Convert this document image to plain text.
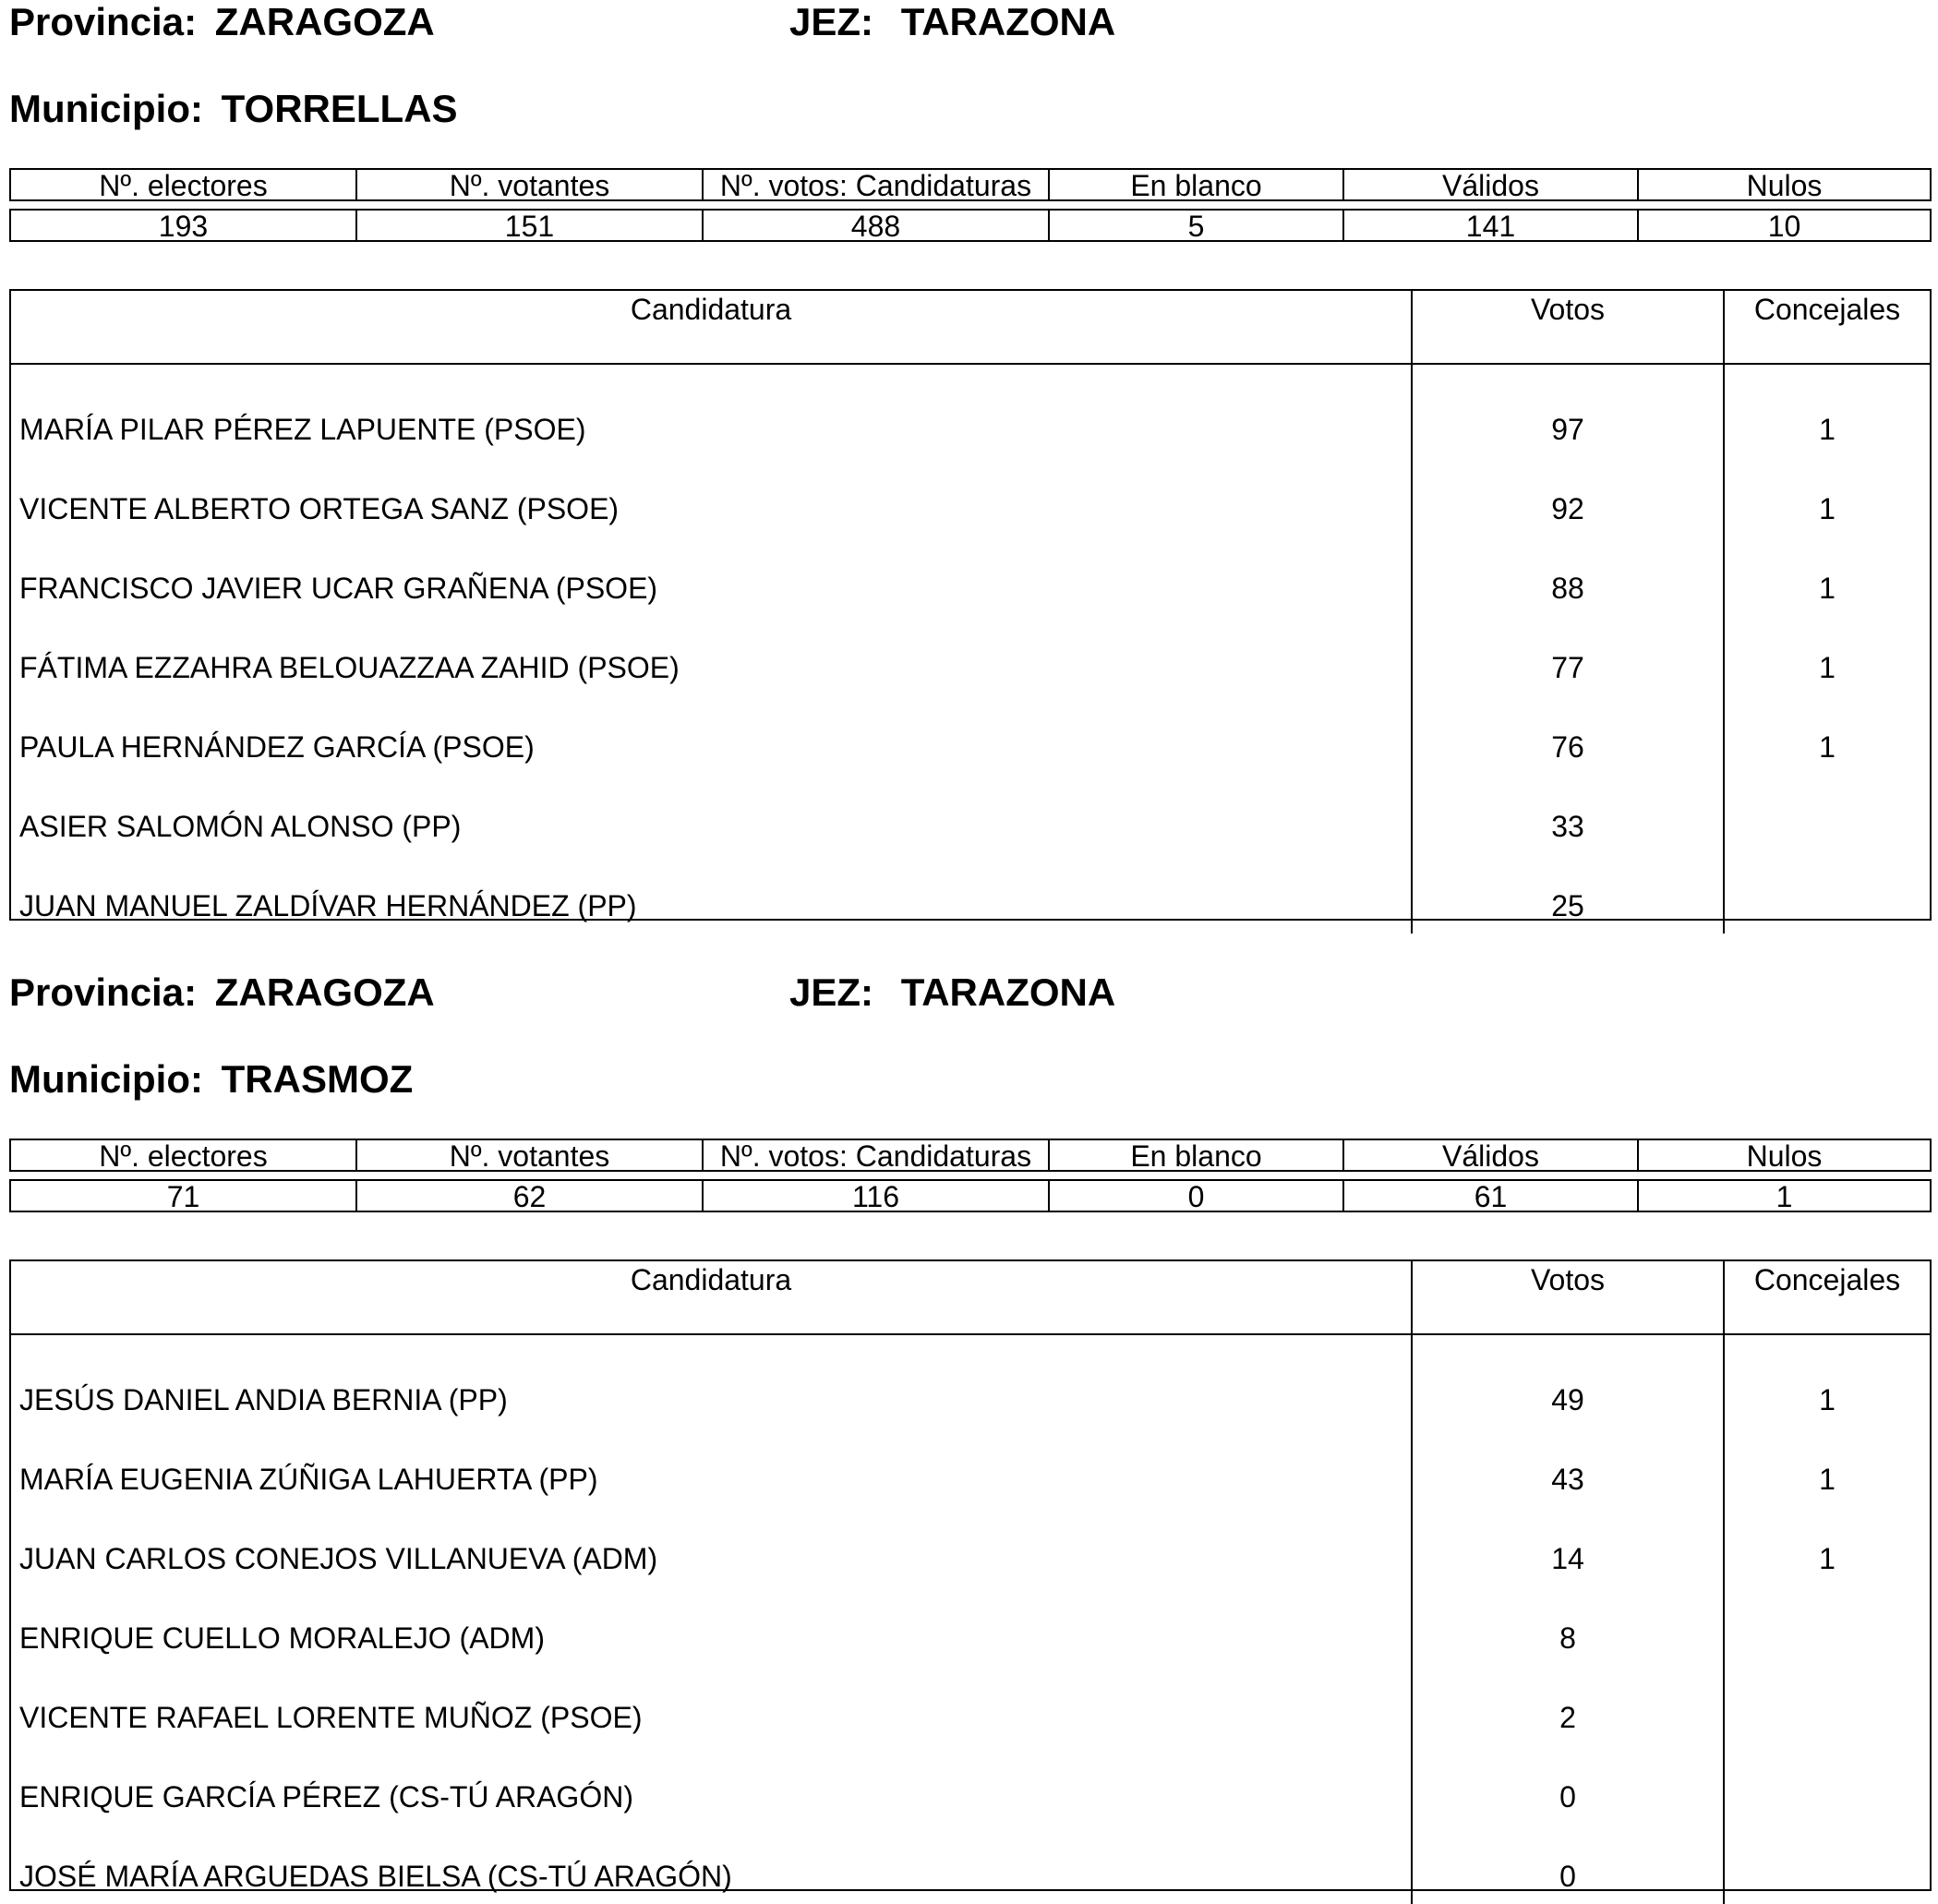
Provincia: ZARAGOZA	JEZ: TARAZONA
Municipio: TORRELLAS
Nº. electores	Nº. votantes	Nº. votos: Candidaturas	En blanco	Válidos	Nulos
193	151	488	5	141	10
Candidatura	Votos	Concejales
MARÍA PILAR PÉREZ LAPUENTE (PSOE)	97	1
VICENTE ALBERTO ORTEGA SANZ (PSOE)	92	1
FRANCISCO JAVIER UCAR GRAÑENA (PSOE)	88	1
FÁTIMA EZZAHRA BELOUAZZAA ZAHID (PSOE)	77	1
PAULA HERNÁNDEZ GARCÍA (PSOE)	76	1
ASIER SALOMÓN ALONSO (PP)	33
JUAN MANUEL ZALDÍVAR HERNÁNDEZ (PP)	25
Provincia: ZARAGOZA	JEZ: TARAZONA
Municipio: TRASMOZ
Nº. electores	Nº. votantes	Nº. votos: Candidaturas	En blanco	Válidos	Nulos
71	62	116	0	61	1
Candidatura	Votos	Concejales
JESÚS DANIEL ANDIA BERNIA (PP)	49	1
MARÍA EUGENIA ZÚÑIGA LAHUERTA (PP)	43	1
JUAN CARLOS CONEJOS VILLANUEVA (ADM)	14	1
ENRIQUE CUELLO MORALEJO (ADM)	8
VICENTE RAFAEL LORENTE MUÑOZ (PSOE)	2
ENRIQUE GARCÍA PÉREZ (CS-TÚ ARAGÓN)	0
JOSÉ MARÍA ARGUEDAS BIELSA (CS-TÚ ARAGÓN)	0
